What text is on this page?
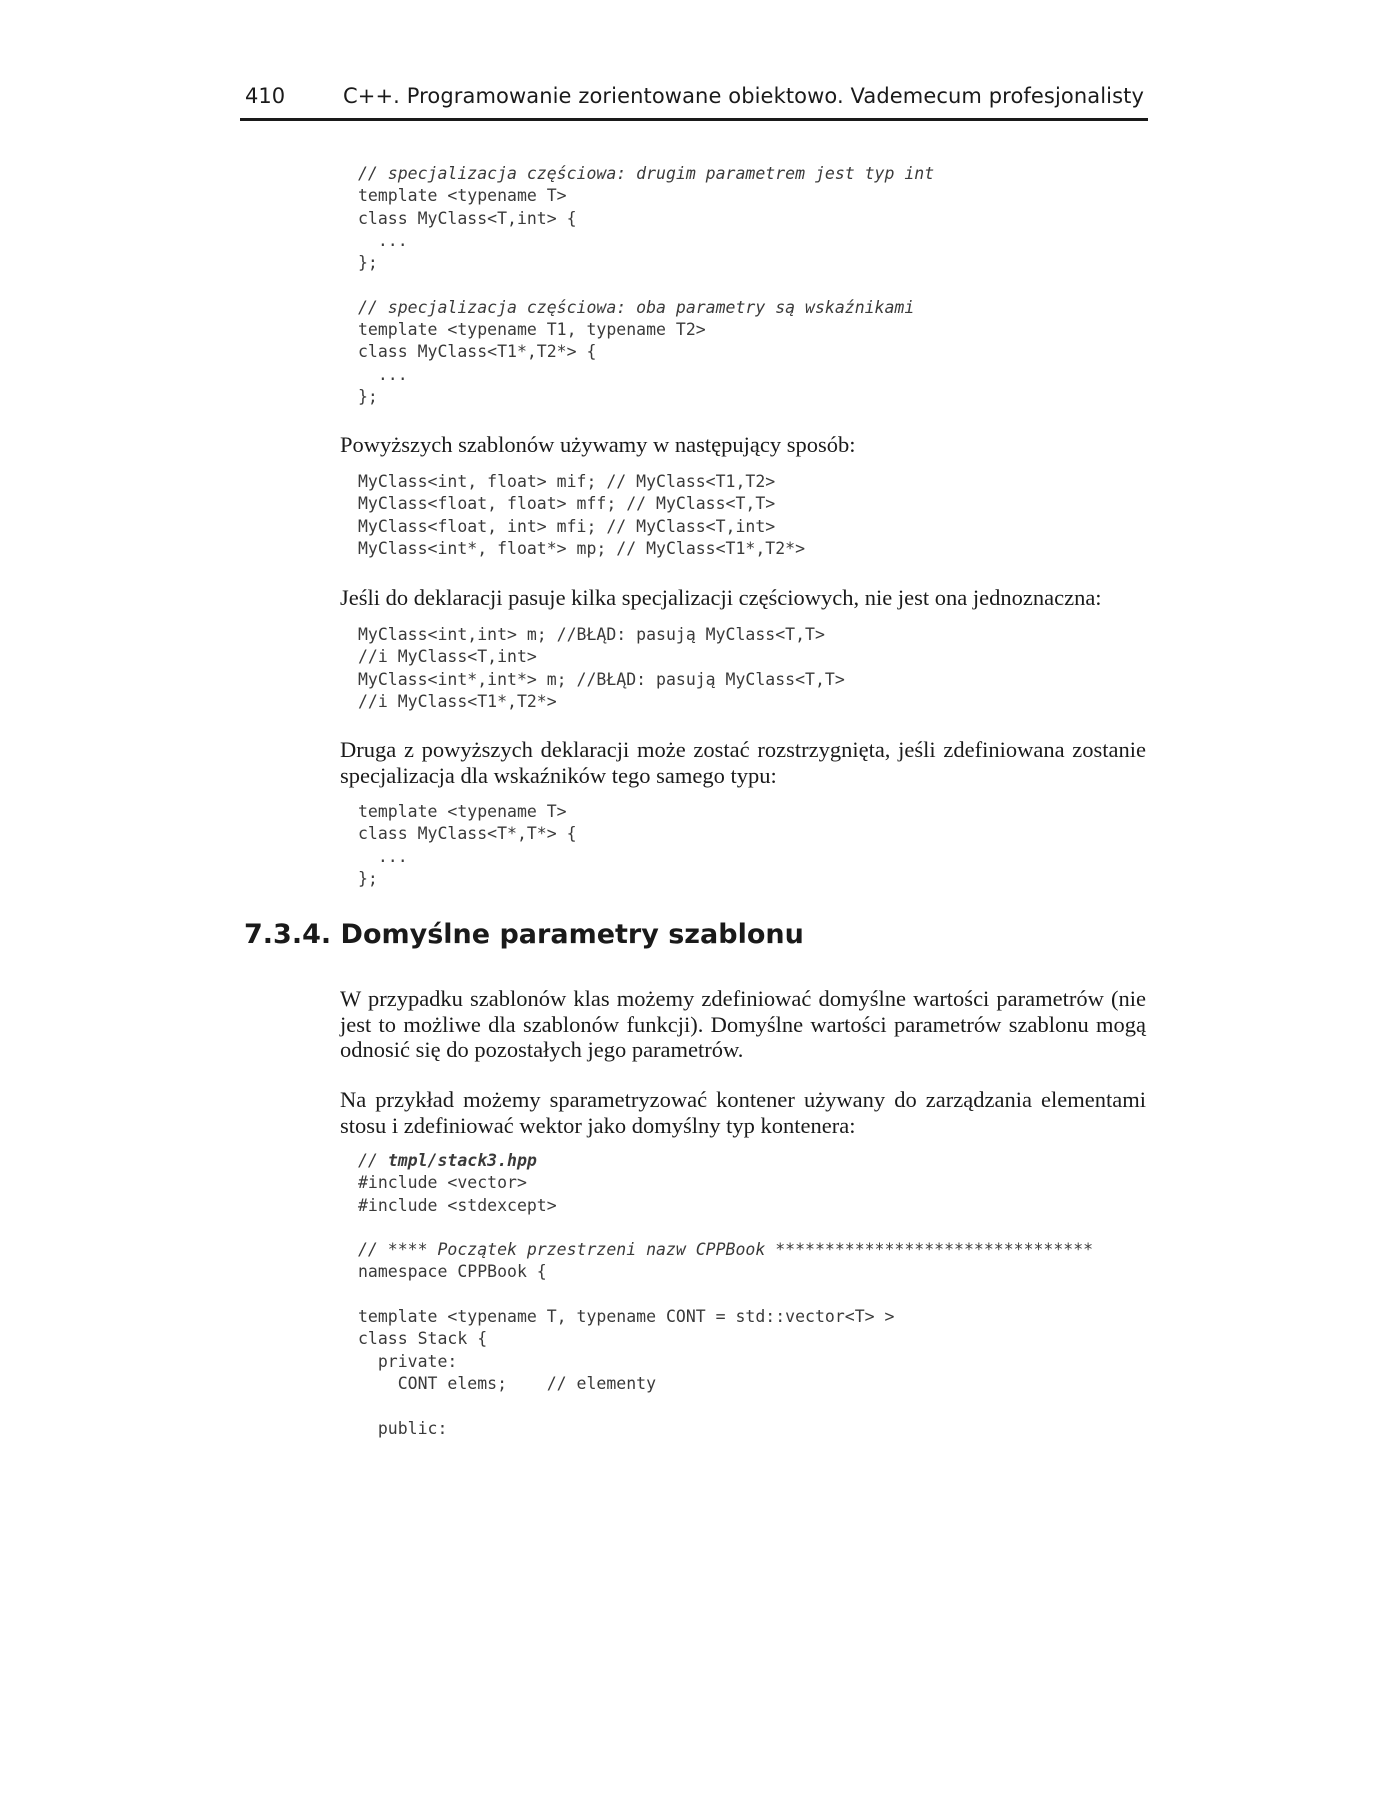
410	C++. Programowanie zorientowane obiektowo. Vademecum profesjonalisty
// specjalizacja częściowa: drugim parametrem jest typ int
template <typename T>
class MyClass<T,int> {
...
};

// specjalizacja częściowa: oba parametry są wskaźnikami
template <typename T1, typename T2>
class MyClass<T1*,T2*> {
...
};

Powyższych szablonów używamy w następujący sposób:

MyClass<int, float> mif; // MyClass<T1,T2>
MyClass<float, float> mff; // MyClass<T,T>
MyClass<float, int> mfi; // MyClass<T,int>
MyClass<int*, float*> mp; // MyClass<T1*,T2*>

Jeśli do deklaracji pasuje kilka specjalizacji częściowych, nie jest ona jednoznaczna:

MyClass<int,int> m; //BŁĄD: pasują MyClass<T,T>
//i MyClass<T,int>
MyClass<int*,int*> m; //BŁĄD: pasują MyClass<T,T>
//i MyClass<T1*,T2*>

Druga z powyższych deklaracji może zostać rozstrzygnięta, jeśli zdefiniowana zostanie specjalizacja dla wskaźników tego samego typu:

template <typename T>
class MyClass<T*,T*> {
...
};
7.3.4. Domyślne parametry szablonu

W przypadku szablonów klas możemy zdefiniować domyślne wartości parametrów (nie jest to możliwe dla szablonów funkcji). Domyślne wartości parametrów szablonu mogą odnosić się do pozostałych jego parametrów.

Na przykład możemy sparametryzować kontener używany do zarządzania elementami stosu i zdefiniować wektor jako domyślny typ kontenera:

// tmpl/stack3.hpp
#include <vector>
#include <stdexcept>

// **** Początek przestrzeni nazw CPPBook ********************************
namespace CPPBook {

template <typename T, typename CONT = std::vector<T> >
class Stack {
private:
CONT elems;    // elementy

public:
